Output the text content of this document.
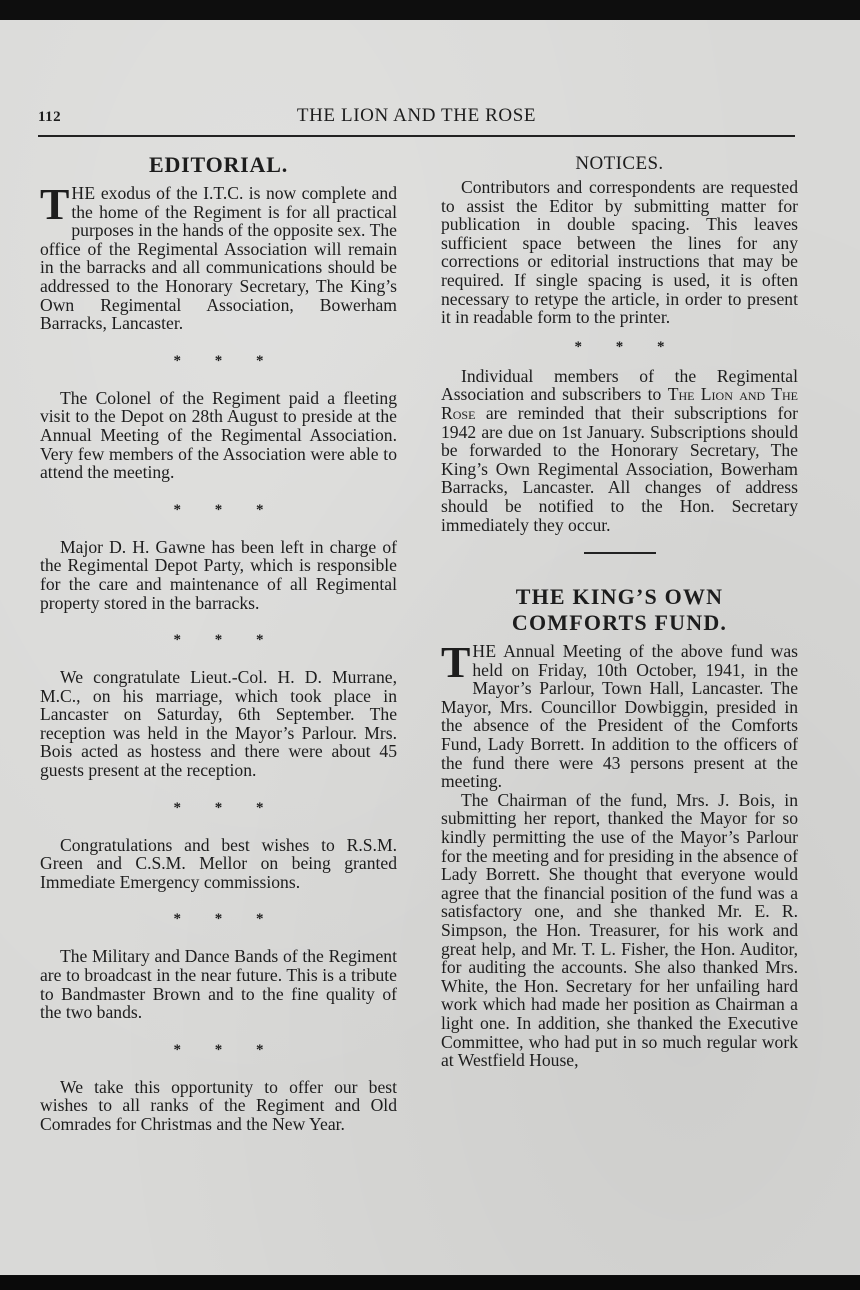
112	THE LION AND THE ROSE
EDITORIAL.

THE exodus of the I.T.C. is now complete and the home of the Regiment is for all practical purposes in the hands of the opposite sex. The office of the Regimental Association will remain in the barracks and all communications should be addressed to the Honorary Secretary, The King’s Own Regimental Association, Bowerham Barracks, Lancaster.

* * *

The Colonel of the Regiment paid a fleeting visit to the Depot on 28th August to preside at the Annual Meeting of the Regimental Association. Very few members of the Association were able to attend the meeting.

* * *

Major D. H. Gawne has been left in charge of the Regimental Depot Party, which is responsible for the care and maintenance of all Regimental property stored in the barracks.

* * *

We congratulate Lieut.-Col. H. D. Murrane, M.C., on his marriage, which took place in Lancaster on Saturday, 6th September. The reception was held in the Mayor’s Parlour. Mrs. Bois acted as hostess and there were about 45 guests present at the reception.

* * *

Congratulations and best wishes to R.S.M. Green and C.S.M. Mellor on being granted Immediate Emergency commissions.

* * *

The Military and Dance Bands of the Regiment are to broadcast in the near future. This is a tribute to Bandmaster Brown and to the fine quality of the two bands.

* * *

We take this opportunity to offer our best wishes to all ranks of the Regiment and Old Comrades for Christmas and the New Year.

NOTICES.

Contributors and correspondents are requested to assist the Editor by submitting matter for publication in double spacing. This leaves sufficient space between the lines for any corrections or editorial instructions that may be required. If single spacing is used, it is often necessary to retype the article, in order to present it in readable form to the printer.

* * *

Individual members of the Regimental Association and subscribers to The Lion and The Rose are reminded that their subscriptions for 1942 are due on 1st January. Subscriptions should be forwarded to the Honorary Secretary, The King’s Own Regimental Association, Bowerham Barracks, Lancaster. All changes of address should be notified to the Hon. Secretary immediately they occur.

THE KING’S OWN
COMFORTS FUND.

THE Annual Meeting of the above fund was held on Friday, 10th October, 1941, in the Mayor’s Parlour, Town Hall, Lancaster. The Mayor, Mrs. Councillor Dowbiggin, presided in the absence of the President of the Comforts Fund, Lady Borrett. In addition to the officers of the fund there were 43 persons present at the meeting.

The Chairman of the fund, Mrs. J. Bois, in submitting her report, thanked the Mayor for so kindly permitting the use of the Mayor’s Parlour for the meeting and for presiding in the absence of Lady Borrett. She thought that everyone would agree that the financial position of the fund was a satisfactory one, and she thanked Mr. E. R. Simpson, the Hon. Treasurer, for his work and great help, and Mr. T. L. Fisher, the Hon. Auditor, for auditing the accounts. She also thanked Mrs. White, the Hon. Secretary for her unfailing hard work which had made her position as Chairman a light one. In addition, she thanked the Executive Committee, who had put in so much regular work at Westfield House,
